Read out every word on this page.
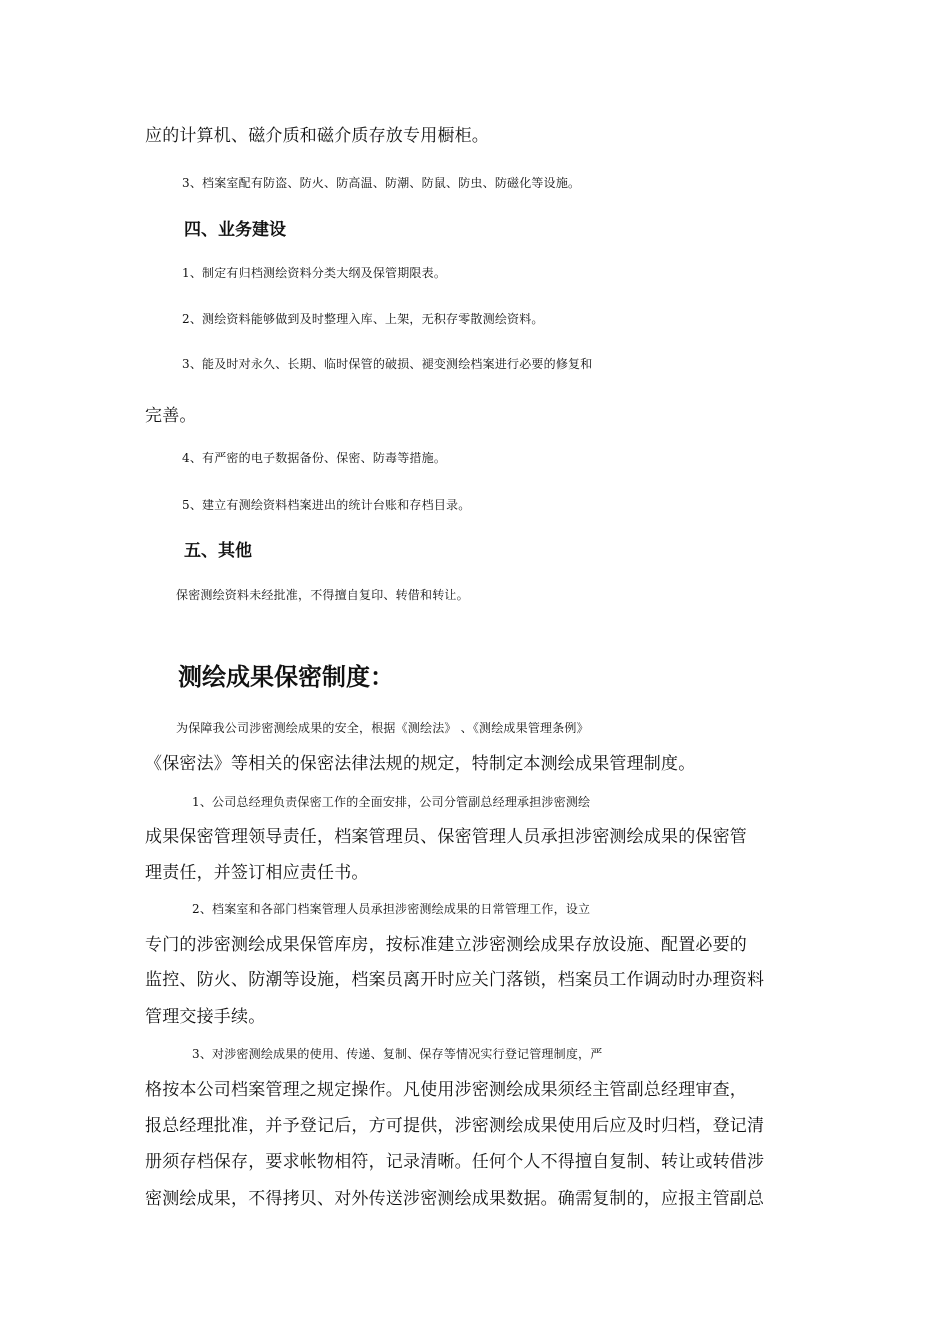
应的计算机、磁介质和磁介质存放专用橱柜。
3、档案室配有防盗、防火、防高温、防潮、防鼠、防虫、防磁化等设施。
四、业务建设
1、制定有归档测绘资料分类大纲及保管期限表。
2、测绘资料能够做到及时整理入库、上架，无积存零散测绘资料。
3、能及时对永久、长期、临时保管的破损、褪变测绘档案进行必要的修复和
完善。
4、有严密的电子数据备份、保密、防毒等措施。
5、建立有测绘资料档案进出的统计台账和存档目录。
五、其他
保密测绘资料未经批准，不得擅自复印、转借和转让。
测绘成果保密制度：
为保障我公司涉密测绘成果的安全，根据《测绘法》 、《测绘成果管理条例》
《保密法》等相关的保密法律法规的规定，特制定本测绘成果管理制度。
1、公司总经理负责保密工作的全面安排，公司分管副总经理承担涉密测绘
成果保密管理领导责任，档案管理员、保密管理人员承担涉密测绘成果的保密管
理责任，并签订相应责任书。
2、档案室和各部门档案管理人员承担涉密测绘成果的日常管理工作，设立
专门的涉密测绘成果保管库房，按标准建立涉密测绘成果存放设施、配置必要的
监控、防火、防潮等设施，档案员离开时应关门落锁，档案员工作调动时办理资料
管理交接手续。
3、对涉密测绘成果的使用、传递、复制、保存等情况实行登记管理制度，严
格按本公司档案管理之规定操作。凡使用涉密测绘成果须经主管副总经理审查，
报总经理批准，并予登记后，方可提供，涉密测绘成果使用后应及时归档，登记清
册须存档保存，要求帐物相符，记录清晰。任何个人不得擅自复制、转让或转借涉
密测绘成果，不得拷贝、对外传送涉密测绘成果数据。确需复制的，应报主管副总
